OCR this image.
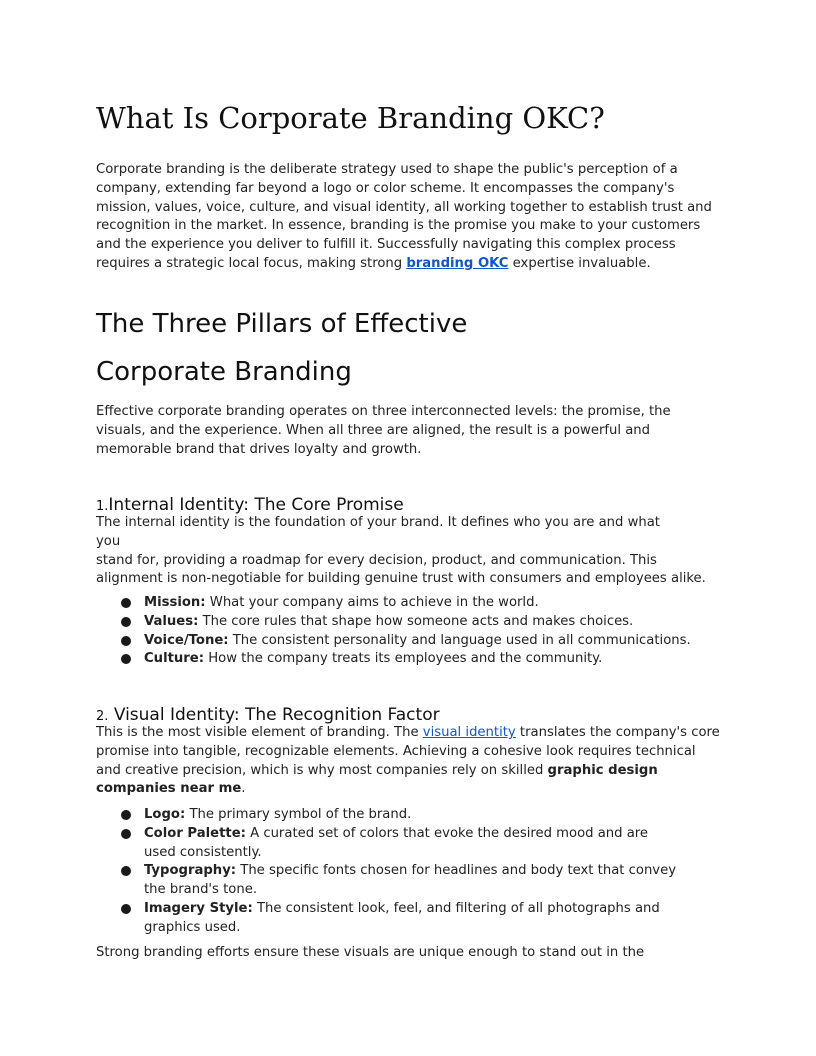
What Is Corporate Branding OKC?

Corporate branding is the deliberate strategy used to shape the public's perception of a company, extending far beyond a logo or color scheme. It encompasses the company's mission, values, voice, culture, and visual identity, all working together to establish trust and recognition in the market. In essence, branding is the promise you make to your customers and the experience you deliver to fulfill it. Successfully navigating this complex process requires a strategic local focus, making strong branding OKC expertise invaluable.

The Three Pillars of Effective
Corporate Branding

Effective corporate branding operates on three interconnected levels: the promise, the visuals, and the experience. When all three are aligned, the result is a powerful and memorable brand that drives loyalty and growth.

1.Internal Identity: The Core Promise

The internal identity is the foundation of your brand. It defines who you are and what
you
stand for, providing a roadmap for every decision, product, and communication. This
alignment is non-negotiable for building genuine trust with consumers and employees alike.

Mission: What your company aims to achieve in the world.
Values: The core rules that shape how someone acts and makes choices.
Voice/Tone: The consistent personality and language used in all communications.
Culture: How the company treats its employees and the community.
2. Visual Identity: The Recognition Factor

This is the most visible element of branding. The visual identity translates the company's core promise into tangible, recognizable elements. Achieving a cohesive look requires technical and creative precision, which is why most companies rely on skilled graphic design companies near me.

Logo: The primary symbol of the brand.
Color Palette: A curated set of colors that evoke the desired mood and are used consistently.
Typography: The specific fonts chosen for headlines and body text that convey the brand's tone.
Imagery Style: The consistent look, feel, and filtering of all photographs and graphics used.

Strong branding efforts ensure these visuals are unique enough to stand out in the
